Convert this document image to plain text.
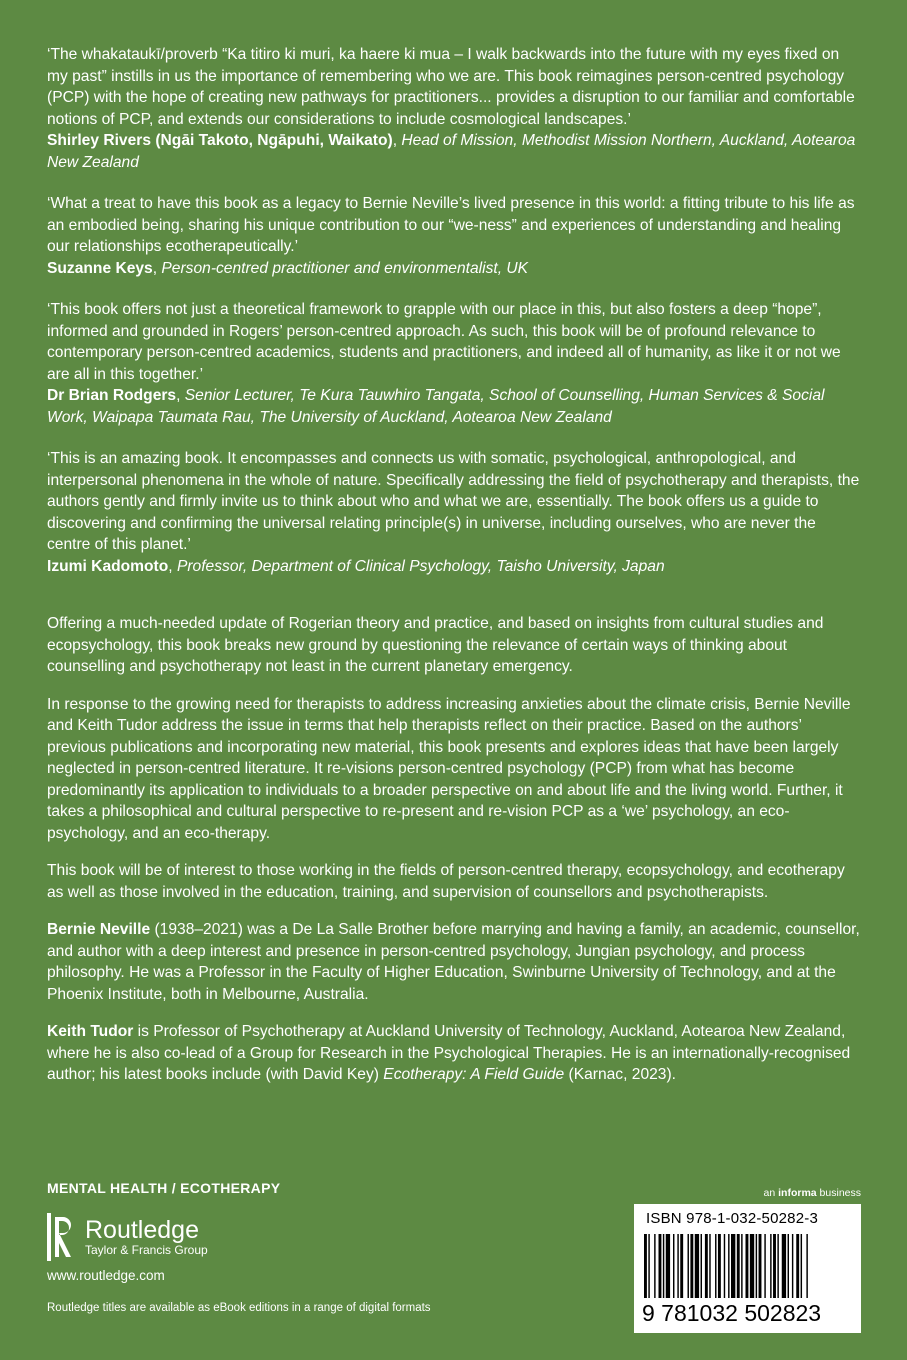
‘The whakataukī/proverb “Ka titiro ki muri, ka haere ki mua – I walk backwards into the future with my eyes fixed on my past” instills in us the importance of remembering who we are. This book reimagines person-centred psychology (PCP) with the hope of creating new pathways for practitioners... provides a disruption to our familiar and comfortable notions of PCP, and extends our considerations to include cosmological landscapes.’

Shirley Rivers (Ngāi Takoto, Ngāpuhi, Waikato), Head of Mission, Methodist Mission Northern, Auckland, Aotearoa New Zealand

‘What a treat to have this book as a legacy to Bernie Neville’s lived presence in this world: a fitting tribute to his life as an embodied being, sharing his unique contribution to our “we-ness” and experiences of understanding and healing our relationships ecotherapeutically.’

Suzanne Keys, Person-centred practitioner and environmentalist, UK

‘This book offers not just a theoretical framework to grapple with our place in this, but also fosters a deep “hope”, informed and grounded in Rogers’ person-centred approach. As such, this book will be of profound relevance to contemporary person-centred academics, students and practitioners, and indeed all of humanity, as like it or not we are all in this together.’

Dr Brian Rodgers, Senior Lecturer, Te Kura Tauwhiro Tangata, School of Counselling, Human Services & Social Work, Waipapa Taumata Rau, The University of Auckland, Aotearoa New Zealand

‘This is an amazing book. It encompasses and connects us with somatic, psychological, anthropological, and interpersonal phenomena in the whole of nature. Specifically addressing the field of psychotherapy and therapists, the authors gently and firmly invite us to think about who and what we are, essentially. The book offers us a guide to discovering and confirming the universal relating principle(s) in universe, including ourselves, who are never the centre of this planet.’

Izumi Kadomoto, Professor, Department of Clinical Psychology, Taisho University, Japan

Offering a much-needed update of Rogerian theory and practice, and based on insights from cultural studies and ecopsychology, this book breaks new ground by questioning the relevance of certain ways of thinking about counselling and psychotherapy not least in the current planetary emergency.

In response to the growing need for therapists to address increasing anxieties about the climate crisis, Bernie Neville and Keith Tudor address the issue in terms that help therapists reflect on their practice. Based on the authors’ previous publications and incorporating new material, this book presents and explores ideas that have been largely neglected in person-centred literature. It re-visions person-centred psychology (PCP) from what has become predominantly its application to individuals to a broader perspective on and about life and the living world. Further, it takes a philosophical and cultural perspective to re-present and re-vision PCP as a ‘we’ psychology, an eco-psychology, and an eco-therapy.

This book will be of interest to those working in the fields of person-centred therapy, ecopsychology, and ecotherapy as well as those involved in the education, training, and supervision of counsellors and psychotherapists.

Bernie Neville (1938–2021) was a De La Salle Brother before marrying and having a family, an academic, counsellor, and author with a deep interest and presence in person-centred psychology, Jungian psychology, and process philosophy. He was a Professor in the Faculty of Higher Education, Swinburne University of Technology, and at the Phoenix Institute, both in Melbourne, Australia.

Keith Tudor is Professor of Psychotherapy at Auckland University of Technology, Auckland, Aotearoa New Zealand, where he is also co-lead of a Group for Research in the Psychological Therapies. He is an internationally-recognised author; his latest books include (with David Key) Ecotherapy: A Field Guide (Karnac, 2023).

MENTAL HEALTH / ECOTHERAPY
Routledge
Taylor & Francis Group
www.routledge.com
Routledge titles are available as eBook editions in a range of digital formats
an informa business
ISBN 978-1-032-50282-3
9 781032 502823
